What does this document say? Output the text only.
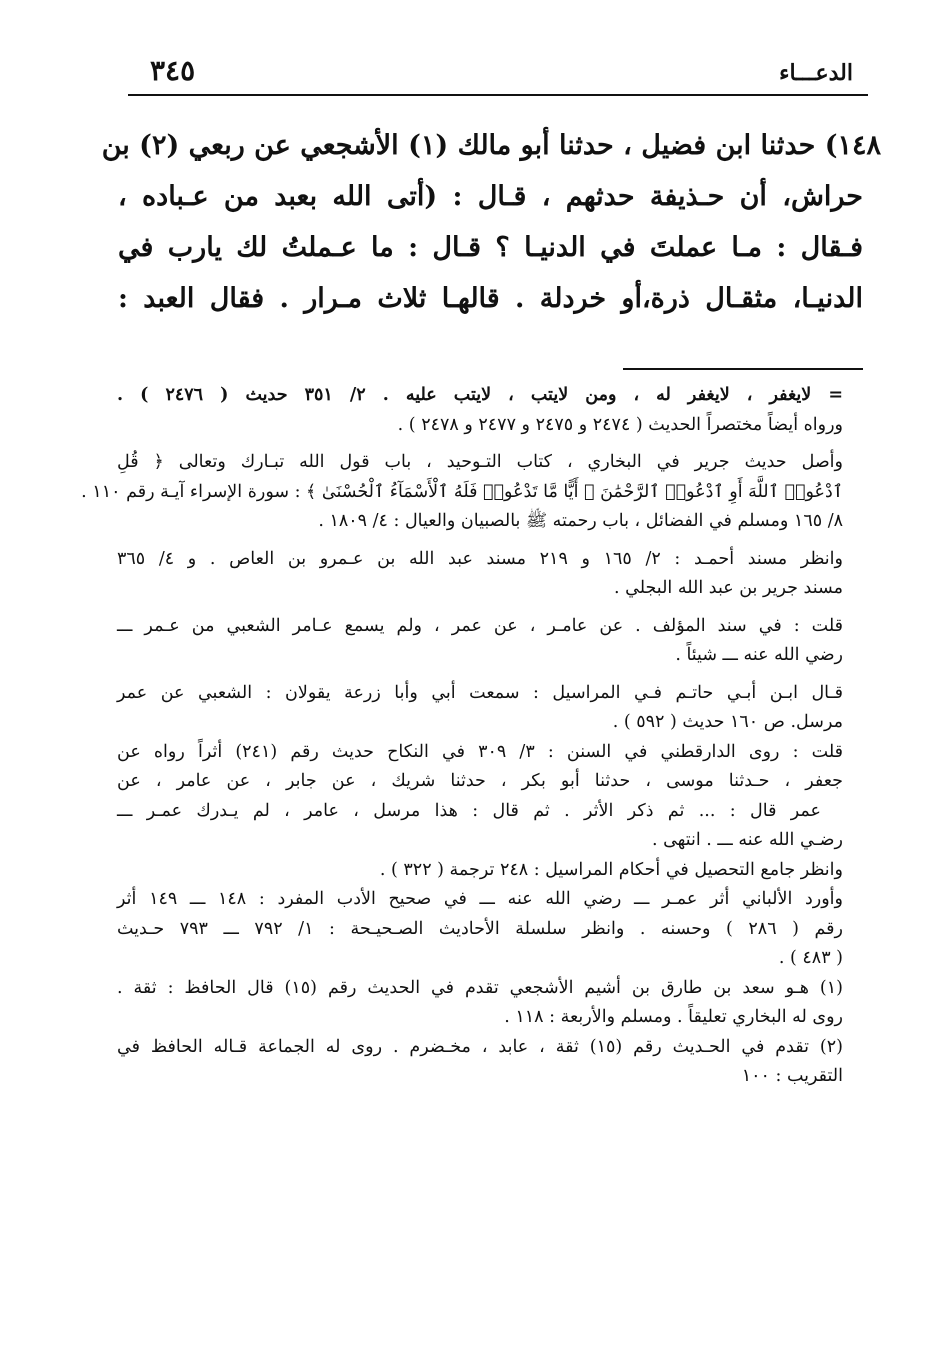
الدعـــاء
٣٤٥
١٤٨) حدثنا ابن فضيل ، حدثنا أبو مالك (١) الأشجعي عن ربعي (٢) بن
حراش، أن حـذيفة حدثهم ، قـال : (أتى الله بعبد من عـباده ،
فـقال : مـا عملتَ في الدنيـا ؟ قـال : ما عـملتُ لك يارب في
الدنيـا، مثقـال ذرة،أو خردلة . قالهـا ثلاث مـرار . فقال العبد :
= لايغفر ، لايغفر له ، ومن لايتب ، لايتب عليه . ٢/ ٣٥١ حديث ( ٢٤٧٦ ) .
ورواه أيضاً مختصراً الحديث ( ٢٤٧٤ و ٢٤٧٥ و ٢٤٧٧ و ٢٤٧٨ ) .
وأصل حديث جرير في البخاري ، كتاب التـوحيد ، باب قول الله تبـارك وتعالى ﴿ قُلِ
ٱدْعُوا۟ ٱللَّهَ أَوِ ٱدْعُوا۟ ٱلرَّحْمَٰنَ ۖ أَيًّا مَّا تَدْعُوا۟ فَلَهُ ٱلْأَسْمَآءُ ٱلْحُسْنَىٰ ﴾ : سورة الإسراء آيـة رقم ١١٠ .
٨/ ١٦٥ ومسلم في الفضائل ، باب رحمته ﷺ بالصبيان والعيال : ٤/ ١٨٠٩ .
وانظر مسند أحمـد : ٢/ ١٦٥ و ٢١٩ مسند عبد الله بن عـمرو بن العاص . و ٤/ ٣٦٥
مسند جرير بن عبد الله البجلي .
قلت : في سند المؤلف . عن عامـر ، عن عمر ، ولم يسمع عـامر الشعبي من عـمر ـــ
رضي الله عنه ـــ شيئاً .
قـال ابـن أبـي حاتـم فـي المراسيل : سمعت أبي وأبا زرعة يقولان : الشعبي عن عمر
مرسل. ص ١٦٠ حديث ( ٥٩٢ ) .
قلت : روى الدارقطني في السنن : ٣/ ٣٠٩ في النكاح حديث رقم (٢٤١) أثراً رواه عن
جعفر ، حـدثنا موسى ، حدثنا أبو بكر ، حدثنا شريك ، عن جابر ، عن عامر ، عن
عمر قال : ... ثم ذكر الأثر . ثم قال : هذا مرسل ، عامر ، لم يـدرك عمـر ـــ
رضـي الله عنه ـــ . انتهى .
وانظر جامع التحصيل في أحكام المراسيل : ٢٤٨ ترجمة ( ٣٢٢ ) .
وأورد الألباني أثر عمـر ـــ رضي الله عنه ـــ في صحيح الأدب المفرد : ١٤٨ ـــ ١٤٩ أثر
رقم ( ٢٨٦ ) وحسنه . وانظر سلسلة الأحاديث الصـحيـحة : ١/ ٧٩٢ ـــ ٧٩٣ حـديث
( ٤٨٣ ) .
(١) هـو سعد بن طارق بن أشيم الأشجعي تقدم في الحديث رقم (١٥) قال الحافظ : ثقة .
روى له البخاري تعليقاً . ومسلم والأربعة : ١١٨ .
(٢) تقدم في الحـديث رقم (١٥) ثقة ، عابد ، مخـضرم . روى له الجماعة قـاله الحافظ في
التقريب : ١٠٠
